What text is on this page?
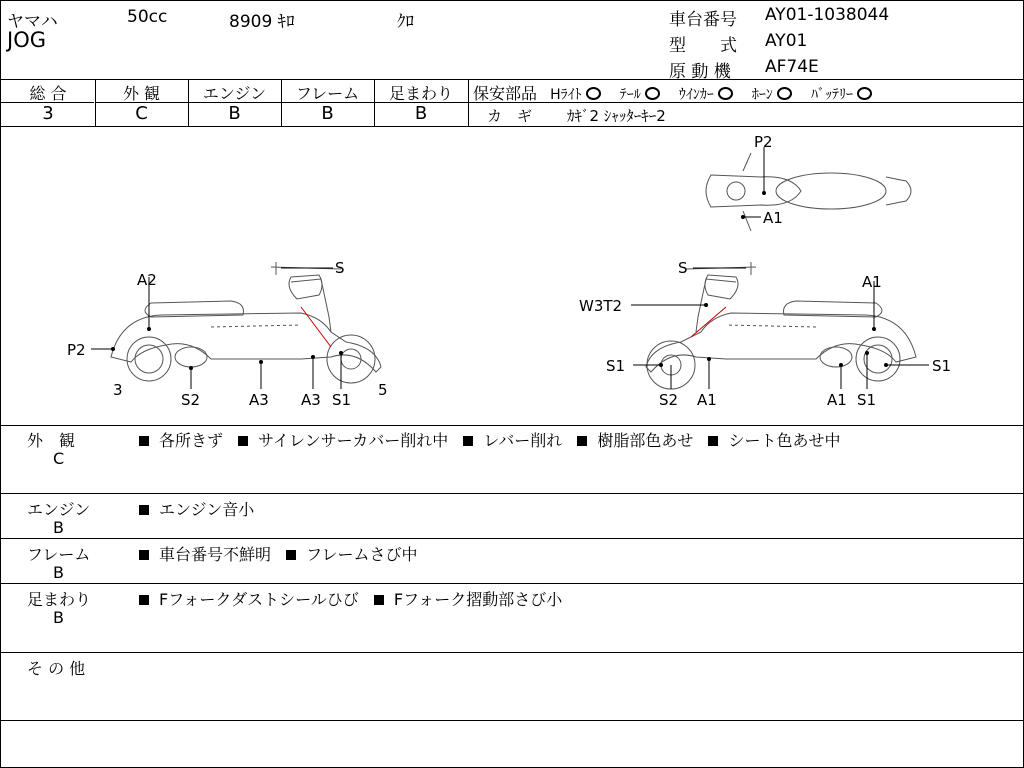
ヤマハ	50cc	8909 ｷﾛ	ｸﾛ
JOG
車台番号 AY01-1038044
型　　式 AY01
原 動 機 AF74E
総 合	外 観	エンジン	フレーム	足まわり
3	C	B	B	B
保安部品 Hﾗｲﾄ	ﾃｰﾙ	ｳｲﾝｶｰ	ﾎｰﾝ	ﾊﾞｯﾃﾘｰ
カ　ギ ｶｷﾞ2 ｼｬｯﾀｰｷｰ2
A2
P2
3
S2	A3 A3 S1
5
S	S
A1
W3T2
S1
S2 A1	A1 S1
S1
P2
A1
外　観
C
各所きず サイレンサーカバー削れ中 レバー削れ 樹脂部色あせ シート色あせ中
エンジン
B
エンジン音小
フレーム
B
車台番号不鮮明 フレームさび中
足まわり
B
Fフォークダストシールひび Fフォーク摺動部さび小
そ の 他
